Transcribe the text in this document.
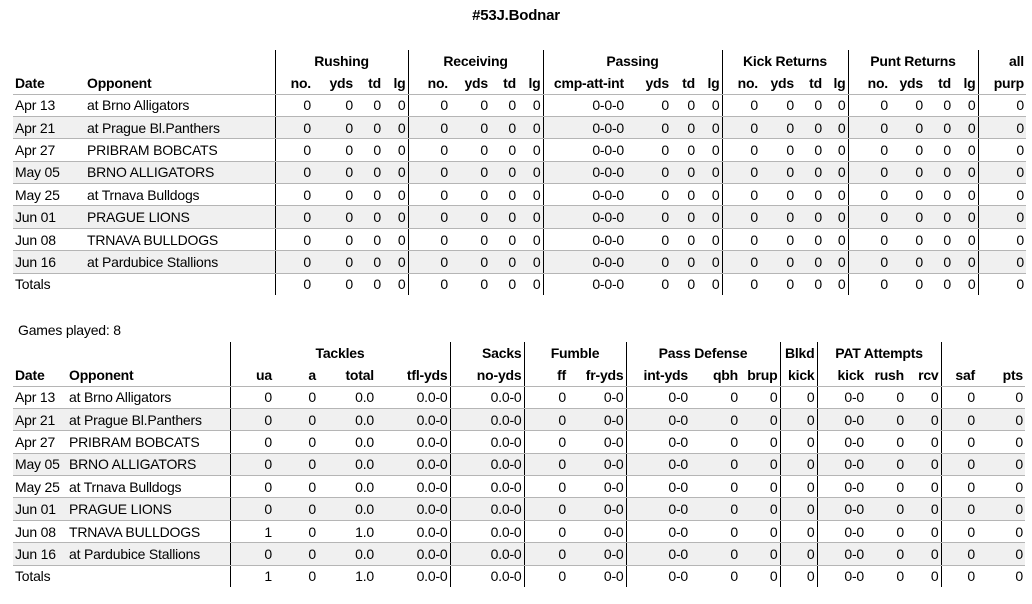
#53J.Bodnar
		Rushing				Receiving				Passing				Kick Returns				Punt Returns				all
Date	Opponent	no.	yds	td	lg	no.	yds	td	lg	cmp-att-int	yds	td	lg	no.	yds	td	lg	no.	yds	td	lg	purp
Apr 13	at Brno Alligators	0	0	0	0	0	0	0	0	0-0-0	0	0	0	0	0	0	0	0	0	0	0	0
Apr 21	at Prague Bl.Panthers	0	0	0	0	0	0	0	0	0-0-0	0	0	0	0	0	0	0	0	0	0	0	0
Apr 27	PRIBRAM BOBCATS	0	0	0	0	0	0	0	0	0-0-0	0	0	0	0	0	0	0	0	0	0	0	0
May 05	BRNO ALLIGATORS	0	0	0	0	0	0	0	0	0-0-0	0	0	0	0	0	0	0	0	0	0	0	0
May 25	at Trnava Bulldogs	0	0	0	0	0	0	0	0	0-0-0	0	0	0	0	0	0	0	0	0	0	0	0
Jun 01	PRAGUE LIONS	0	0	0	0	0	0	0	0	0-0-0	0	0	0	0	0	0	0	0	0	0	0	0
Jun 08	TRNAVA BULLDOGS	0	0	0	0	0	0	0	0	0-0-0	0	0	0	0	0	0	0	0	0	0	0	0
Jun 16	at Pardubice Stallions	0	0	0	0	0	0	0	0	0-0-0	0	0	0	0	0	0	0	0	0	0	0	0
Totals		0	0	0	0	0	0	0	0	0-0-0	0	0	0	0	0	0	0	0	0	0	0	0
Games played: 8
		Tackles				Sacks	Fumble		Pass Defense			Blkd	PAT Attempts				
Date	Opponent	ua	a	total	tfl-yds	no-yds	ff	fr-yds	int-yds	qbh	brup	kick	kick	rush	rcv	saf	pts
Apr 13	at Brno Alligators	0	0	0.0	0.0-0	0.0-0	0	0-0	0-0	0	0	0	0-0	0	0	0	0
Apr 21	at Prague Bl.Panthers	0	0	0.0	0.0-0	0.0-0	0	0-0	0-0	0	0	0	0-0	0	0	0	0
Apr 27	PRIBRAM BOBCATS	0	0	0.0	0.0-0	0.0-0	0	0-0	0-0	0	0	0	0-0	0	0	0	0
May 05	BRNO ALLIGATORS	0	0	0.0	0.0-0	0.0-0	0	0-0	0-0	0	0	0	0-0	0	0	0	0
May 25	at Trnava Bulldogs	0	0	0.0	0.0-0	0.0-0	0	0-0	0-0	0	0	0	0-0	0	0	0	0
Jun 01	PRAGUE LIONS	0	0	0.0	0.0-0	0.0-0	0	0-0	0-0	0	0	0	0-0	0	0	0	0
Jun 08	TRNAVA BULLDOGS	1	0	1.0	0.0-0	0.0-0	0	0-0	0-0	0	0	0	0-0	0	0	0	0
Jun 16	at Pardubice Stallions	0	0	0.0	0.0-0	0.0-0	0	0-0	0-0	0	0	0	0-0	0	0	0	0
Totals		1	0	1.0	0.0-0	0.0-0	0	0-0	0-0	0	0	0	0-0	0	0	0	0
